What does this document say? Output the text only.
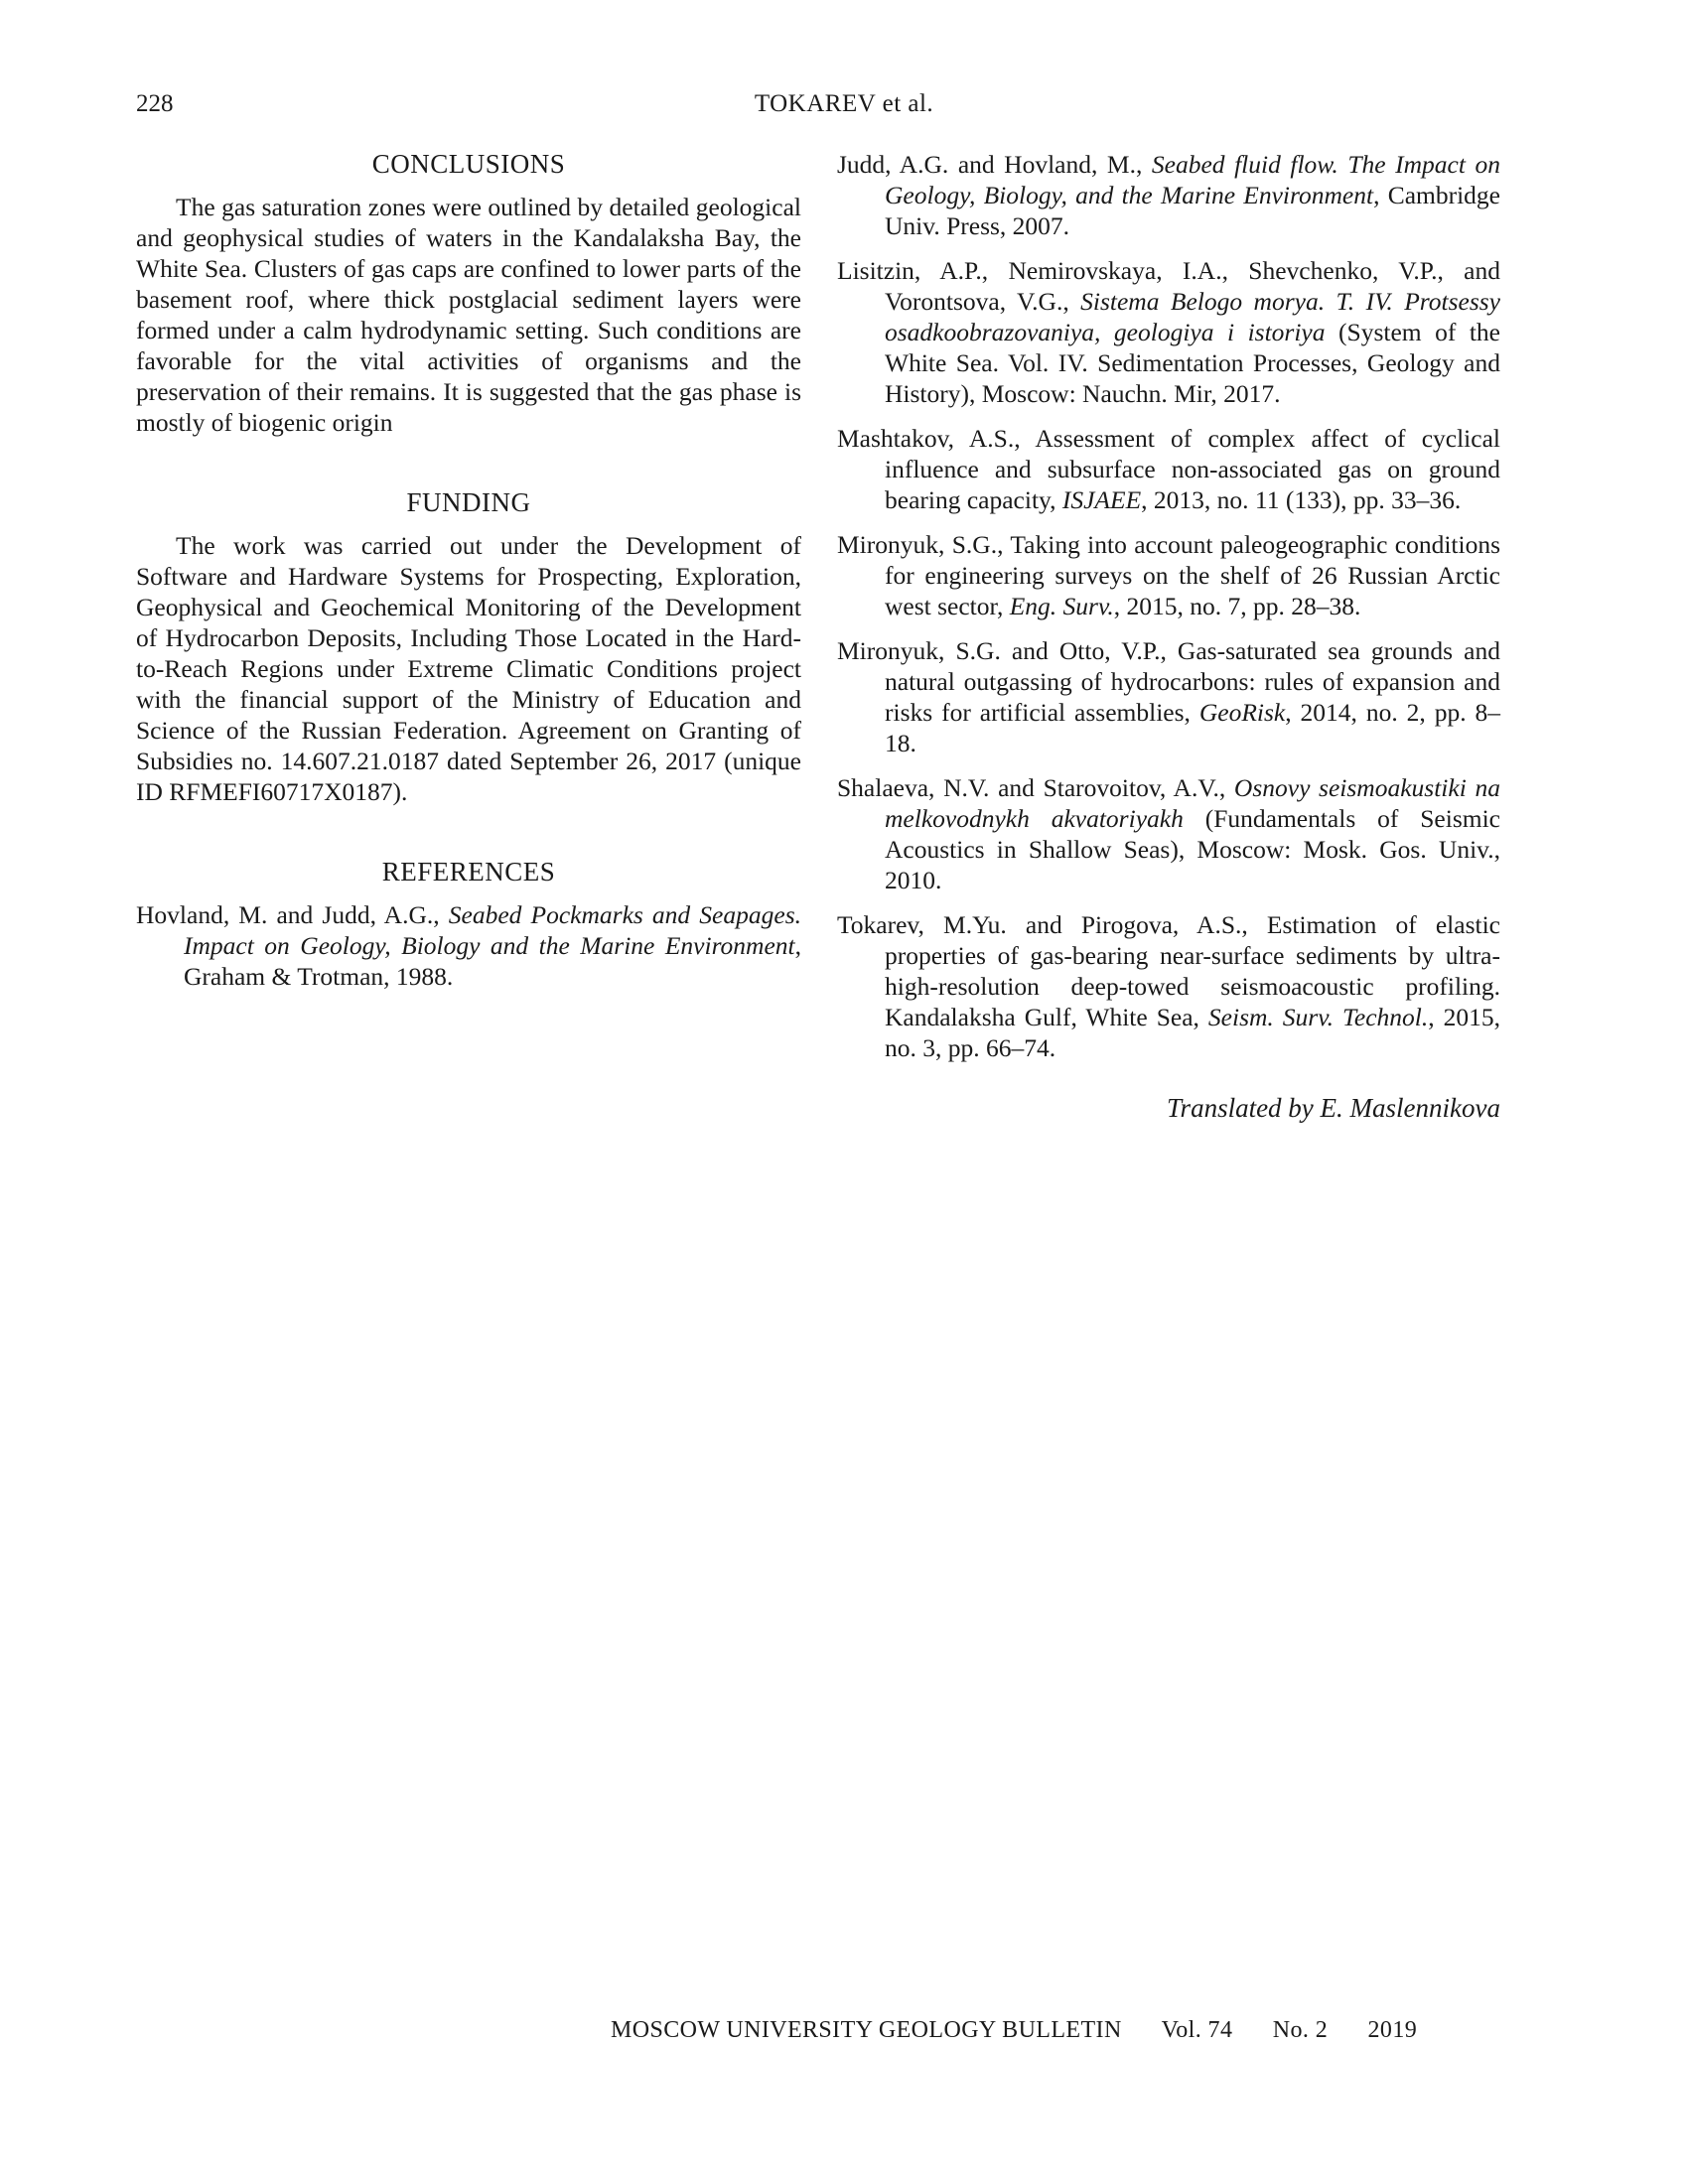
228	TOKAREV et al.
CONCLUSIONS

The gas saturation zones were outlined by detailed geological and geophysical studies of waters in the Kandalaksha Bay, the White Sea. Clusters of gas caps are confined to lower parts of the basement roof, where thick postglacial sediment layers were formed under a calm hydrodynamic setting. Such conditions are favorable for the vital activities of organisms and the preservation of their remains. It is suggested that the gas phase is mostly of biogenic origin

FUNDING

The work was carried out under the Development of Software and Hardware Systems for Prospecting, Exploration, Geophysical and Geochemical Monitoring of the Development of Hydrocarbon Deposits, Including Those Located in the Hard-to-Reach Regions under Extreme Climatic Conditions project with the financial support of the Ministry of Education and Science of the Russian Federation. Agreement on Granting of Subsidies no. 14.607.21.0187 dated September 26, 2017 (unique ID RFMEFI60717X0187).

REFERENCES

Hovland, M. and Judd, A.G., Seabed Pockmarks and Seapages. Impact on Geology, Biology and the Marine Environment, Graham & Trotman, 1988.

Judd, A.G. and Hovland, M., Seabed fluid flow. The Impact on Geology, Biology, and the Marine Environment, Cambridge Univ. Press, 2007.

Lisitzin, A.P., Nemirovskaya, I.A., Shevchenko, V.P., and Vorontsova, V.G., Sistema Belogo morya. T. IV. Protsessy osadkoobrazovaniya, geologiya i istoriya (System of the White Sea. Vol. IV. Sedimentation Processes, Geology and History), Moscow: Nauchn. Mir, 2017.

Mashtakov, A.S., Assessment of complex affect of cyclical influence and subsurface non-associated gas on ground bearing capacity, ISJAEE, 2013, no. 11 (133), pp. 33–36.

Mironyuk, S.G., Taking into account paleogeographic conditions for engineering surveys on the shelf of 26 Russian Arctic west sector, Eng. Surv., 2015, no. 7, pp. 28–38.

Mironyuk, S.G. and Otto, V.P., Gas-saturated sea grounds and natural outgassing of hydrocarbons: rules of expansion and risks for artificial assemblies, GeoRisk, 2014, no. 2, pp. 8–18.

Shalaeva, N.V. and Starovoitov, A.V., Osnovy seismoakustiki na melkovodnykh akvatoriyakh (Fundamentals of Seismic Acoustics in Shallow Seas), Moscow: Mosk. Gos. Univ., 2010.

Tokarev, M.Yu. and Pirogova, A.S., Estimation of elastic properties of gas-bearing near-surface sediments by ultra-high-resolution deep-towed seismoacoustic profiling. Kandalaksha Gulf, White Sea, Seism. Surv. Technol., 2015, no. 3, pp. 66–74.

Translated by E. Maslennikova
MOSCOW UNIVERSITY GEOLOGY BULLETIN Vol. 74 No. 2 2019
